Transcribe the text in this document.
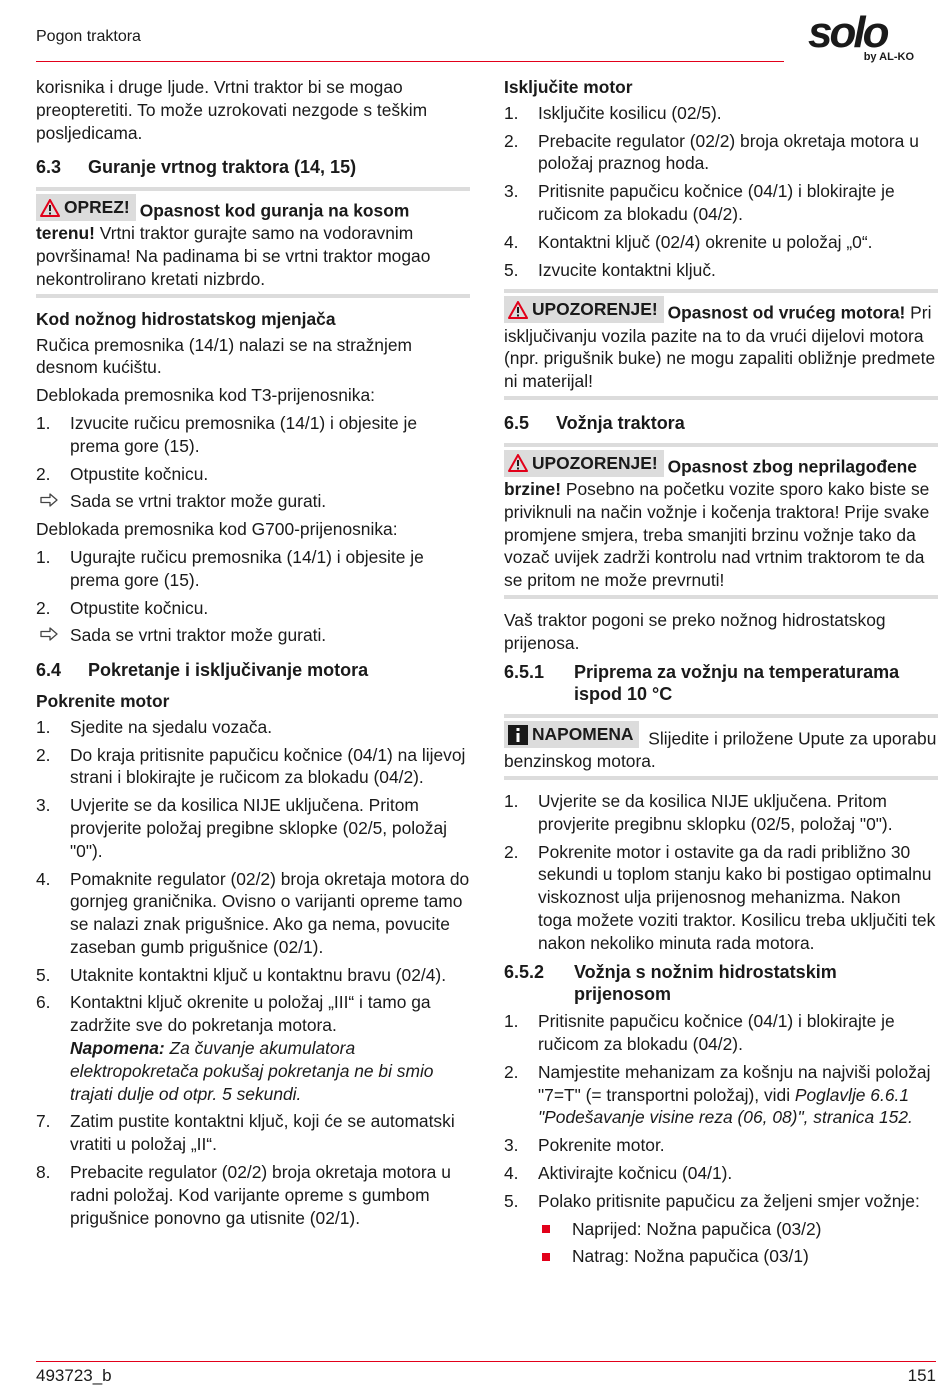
Pogon traktora	solo
by AL-KO

korisnika i druge ljude. Vrtni traktor bi se mogao preopteretiti. To može uzrokovati nezgode s teškim posljedicama.

6.3	Guranje vrtnog traktora (14, 15)
OPREZ! Opasnost kod guranja na kosom terenu! Vrtni traktor gurajte samo na vodoravnim površinama! Na padinama bi se vrtni traktor mogao nekontrolirano kretati nizbrdo.
Kod nožnog hidrostatskog mjenjača

Ručica premosnika (14/1) nalazi se na stražnjem desnom kućištu.

Deblokada premosnika kod T3-prijenosnika:

1.	Izvucite ručicu premosnika (14/1) i objesite je prema gore (15).
2.	Otpustite kočnicu.
Sada se vrtni traktor može gurati.

Deblokada premosnika kod G700-prijenosnika:

1.	Ugurajte ručicu premosnika (14/1) i objesite je prema gore (15).
2.	Otpustite kočnicu.
Sada se vrtni traktor može gurati.
6.4	Pokretanje i isključivanje motora
Pokrenite motor
1.	Sjedite na sjedalu vozača.
2.	Do kraja pritisnite papučicu kočnice (04/1) na lijevoj strani i blokirajte je ručicom za blokadu (04/2).
3.	Uvjerite se da kosilica NIJE uključena. Pritom provjerite položaj pregibne sklopke (02/5, položaj "0").
4.	Pomaknite regulator (02/2) broja okretaja motora do gornjeg graničnika. Ovisno o varijanti opreme tamo se nalazi znak prigušnice. Ako ga nema, povucite zaseban gumb prigušnice (02/1).
5.	Utaknite kontaktni ključ u kontaktnu bravu (02/4).
6.	Kontaktni ključ okrenite u položaj „III“ i tamo ga zadržite sve do pokretanja motora.
Napomena: Za čuvanje akumulatora elektropokretača pokušaj pokretanja ne bi smio trajati dulje od otpr. 5 sekundi.
7.	Zatim pustite kontaktni ključ, koji će se automatski vratiti u položaj „II“.
8.	Prebacite regulator (02/2) broja okretaja motora u radni položaj. Kod varijante opreme s gumbom prigušnice ponovno ga utisnite (02/1).
Isključite motor
1.	Isključite kosilicu (02/5).
2.	Prebacite regulator (02/2) broja okretaja motora u položaj praznog hoda.
3.	Pritisnite papučicu kočnice (04/1) i blokirajte je ručicom za blokadu (04/2).
4.	Kontaktni ključ (02/4) okrenite u položaj „0“.
5.	Izvucite kontaktni ključ.
UPOZORENJE! Opasnost od vrućeg motora! Pri isključivanju vozila pazite na to da vrući dijelovi motora (npr. prigušnik buke) ne mogu zapaliti obližnje predmete ni materijal!
6.5	Vožnja traktora
UPOZORENJE! Opasnost zbog neprilagođene brzine! Posebno na početku vozite sporo kako biste se priviknuli na način vožnje i kočenja traktora! Prije svake promjene smjera, treba smanjiti brzinu vožnje tako da vozač uvijek zadrži kontrolu nad vrtnim traktorom te da se pritom ne može prevrnuti!

Vaš traktor pogoni se preko nožnog hidrostatskog prijenosa.

6.5.1	Priprema za vožnju na temperaturama ispod 10 °C
NAPOMENA Slijedite i priložene Upute za uporabu benzinskog motora.
1.	Uvjerite se da kosilica NIJE uključena. Pritom provjerite pregibnu sklopku (02/5, položaj "0").
2.	Pokrenite motor i ostavite ga da radi približno 30 sekundi u toplom stanju kako bi postigao optimalnu viskoznost ulja prijenosnog mehanizma. Nakon toga možete voziti traktor. Kosilicu treba uključiti tek nakon nekoliko minuta rada motora.
6.5.2	Vožnja s nožnim hidrostatskim prijenosom
1.	Pritisnite papučicu kočnice (04/1) i blokirajte je ručicom za blokadu (04/2).
2.	Namjestite mehanizam za košnju na najviši položaj "7=T" (= transportni položaj), vidi Poglavlje 6.6.1 "Podešavanje visine reza (06, 08)", stranica 152.
3.	Pokrenite motor.
4.	Aktivirajte kočnicu (04/1).
5.	Polako pritisnite papučicu za željeni smjer vožnje:
Naprijed: Nožna papučica (03/2)
Natrag: Nožna papučica (03/1)
493723_b	151
